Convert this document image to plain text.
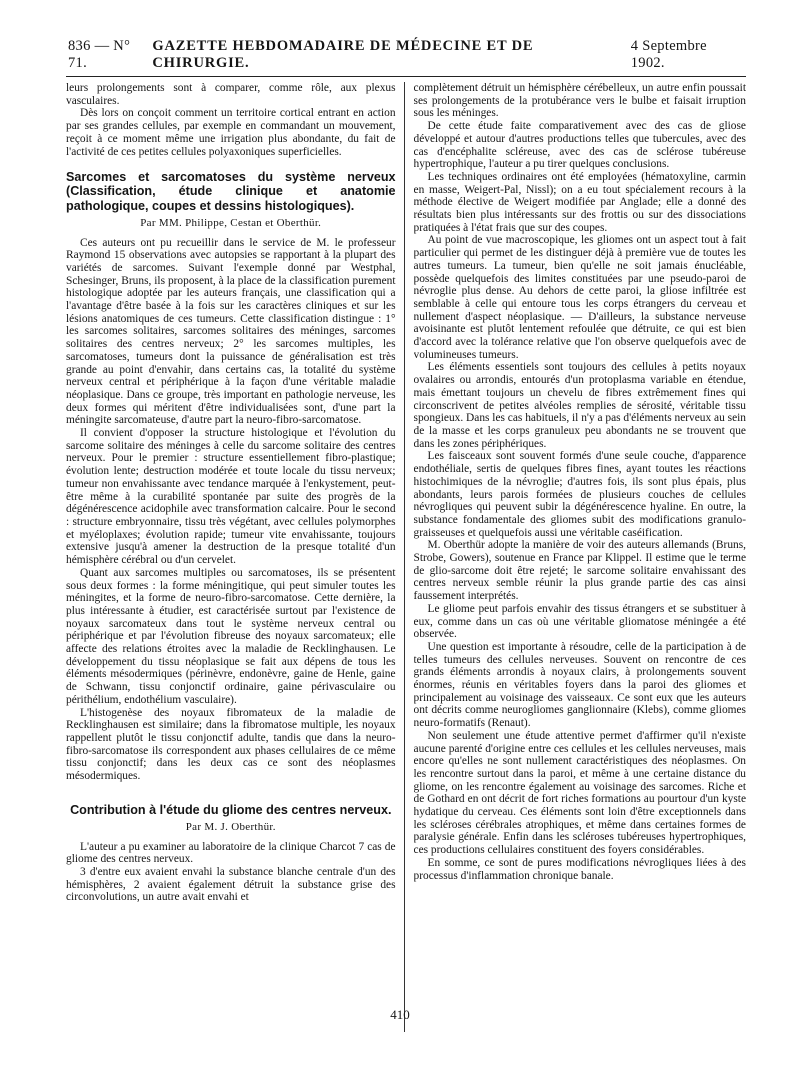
836 — N° 71.
GAZETTE HEBDOMADAIRE DE MÉDECINE ET DE CHIRURGIE.
4 Septembre 1902.

leurs prolongements sont à comparer, comme rôle, aux plexus vasculaires.

Dès lors on conçoit comment un territoire cortical entrant en action par ses grandes cellules, par exemple en commandant un mouvement, reçoit à ce moment même une irrigation plus abondante, du fait de l'activité de ces petites cellules polyaxoniques superficielles.

Sarcomes et sarcomatoses du système nerveux (Classification, étude clinique et anatomie pathologique, coupes et dessins histologiques).
Par MM. Philippe, Cestan et Oberthür.

Ces auteurs ont pu recueillir dans le service de M. le professeur Raymond 15 observations avec autopsies se rapportant à la plupart des variétés de sarcomes. Suivant l'exemple donné par Westphal, Schesinger, Bruns, ils proposent, à la place de la classification purement histologique adoptée par les auteurs français, une classification qui a l'avantage d'être basée à la fois sur les caractères cliniques et sur les lésions anatomiques de ces tumeurs. Cette classification distingue : 1° les sarcomes solitaires, sarcomes solitaires des méninges, sarcomes solitaires des centres nerveux; 2° les sarcomes multiples, les sarcomatoses, tumeurs dont la puissance de généralisation est très grande au point d'envahir, dans certains cas, la totalité du système nerveux central et périphérique à la façon d'une véritable maladie néoplasique. Dans ce groupe, très important en pathologie nerveuse, les deux formes qui méritent d'être individualisées sont, d'une part la méningite sarcomateuse, d'autre part la neuro-fibro-sarcomatose.

Il convient d'opposer la structure histologique et l'évolution du sarcome solitaire des méninges à celle du sarcome solitaire des centres nerveux. Pour le premier : structure essentiellement fibro-plastique; évolution lente; destruction modérée et toute locale du tissu nerveux; tumeur non envahissante avec tendance marquée à l'enkystement, peut-être même à la curabilité spontanée par suite des progrès de la dégénérescence acidophile avec transformation calcaire. Pour le second : structure embryonnaire, tissu très végétant, avec cellules polymorphes et myéloplaxes; évolution rapide; tumeur vite envahissante, toujours extensive jusqu'à amener la destruction de la presque totalité d'un hémisphère cérébral ou d'un cervelet.

Quant aux sarcomes multiples ou sarcomatoses, ils se présentent sous deux formes : la forme méningitique, qui peut simuler toutes les méningites, et la forme de neuro-fibro-sarcomatose. Cette dernière, la plus intéressante à étudier, est caractérisée surtout par l'existence de noyaux sarcomateux dans tout le système nerveux central ou périphérique et par l'évolution fibreuse des noyaux sarcomateux; elle affecte des relations étroites avec la maladie de Recklinghausen. Le développement du tissu néoplasique se fait aux dépens de tous les éléments mésodermiques (périnèvre, endonèvre, gaine de Henle, gaine de Schwann, tissu conjonctif ordinaire, gaine périvasculaire ou périthélium, endothélium vasculaire).

L'histogenèse des noyaux fibromateux de la maladie de Recklinghausen est similaire; dans la fibromatose multiple, les noyaux rappellent plutôt le tissu conjonctif adulte, tandis que dans la neuro-fibro-sarcomatose ils correspondent aux phases cellulaires de ce même tissu conjonctif; dans les deux cas ce sont des néoplasmes mésodermiques.

Contribution à l'étude du gliome des centres nerveux.
Par M. J. Oberthür.

L'auteur a pu examiner au laboratoire de la clinique Charcot 7 cas de gliome des centres nerveux.

3 d'entre eux avaient envahi la substance blanche centrale d'un des hémisphères, 2 avaient également détruit la substance grise des circonvolutions, un autre avait envahi et

complètement détruit un hémisphère cérébelleux, un autre enfin poussait ses prolongements de la protubérance vers le bulbe et faisait irruption sous les méninges.

De cette étude faite comparativement avec des cas de gliose développé et autour d'autres productions telles que tubercules, avec des cas d'encéphalite scléreuse, avec des cas de sclérose tubéreuse hypertrophique, l'auteur a pu tirer quelques conclusions.

Les techniques ordinaires ont été employées (hématoxyline, carmin en masse, Weigert-Pal, Nissl); on a eu tout spécialement recours à la méthode élective de Weigert modifiée par Anglade; elle a donné des résultats bien plus intéressants sur des frottis ou sur des dissociations pratiquées à l'état frais que sur des coupes.

Au point de vue macroscopique, les gliomes ont un aspect tout à fait particulier qui permet de les distinguer déjà à première vue de toutes les autres tumeurs. La tumeur, bien qu'elle ne soit jamais énucléable, possède quelquefois des limites constituées par une pseudo-paroi de névroglie plus dense. Au dehors de cette paroi, la gliose infiltrée est semblable à celle qui entoure tous les corps étrangers du cerveau et nullement d'aspect néoplasique. — D'ailleurs, la substance nerveuse avoisinante est plutôt lentement refoulée que détruite, ce qui est bien d'accord avec la tolérance relative que l'on observe quelquefois avec de volumineuses tumeurs.

Les éléments essentiels sont toujours des cellules à petits noyaux ovalaires ou arrondis, entourés d'un protoplasma variable en étendue, mais émettant toujours un chevelu de fibres extrêmement fines qui circonscrivent de petites alvéoles remplies de sérosité, véritable tissu spongieux. Dans les cas habituels, il n'y a pas d'éléments nerveux au sein de la masse et les corps granuleux peu abondants ne se trouvent que dans les zones périphériques.

Les faisceaux sont souvent formés d'une seule couche, d'apparence endothéliale, sertis de quelques fibres fines, ayant toutes les réactions histochimiques de la névroglie; d'autres fois, ils sont plus épais, plus abondants, leurs parois formées de plusieurs couches de cellules névrogliques qui peuvent subir la dégénérescence hyaline. En outre, la substance fondamentale des gliomes subit des modifications granulo-graisseuses et quelquefois aussi une véritable caséification.

M. Oberthür adopte la manière de voir des auteurs allemands (Bruns, Strobe, Gowers), soutenue en France par Klippel. Il estime que le terme de glio-sarcome doit être rejeté; le sarcome solitaire envahissant des centres nerveux semble réunir la plus grande partie des cas ainsi faussement interprétés.

Le gliome peut parfois envahir des tissus étrangers et se substituer à eux, comme dans un cas où une véritable gliomatose méningée a été observée.

Une question est importante à résoudre, celle de la participation à de telles tumeurs des cellules nerveuses. Souvent on rencontre de ces grands éléments arrondis à noyaux clairs, à prolongements souvent énormes, réunis en véritables foyers dans la paroi des gliomes et principalement au voisinage des vaisseaux. Ce sont eux que les auteurs ont décrits comme neurogliomes ganglionnaire (Klebs), comme gliomes neuro-formatifs (Renaut).

Non seulement une étude attentive permet d'affirmer qu'il n'existe aucune parenté d'origine entre ces cellules et les cellules nerveuses, mais encore qu'elles ne sont nullement caractéristiques des néoplasmes. On les rencontre surtout dans la paroi, et même à une certaine distance du gliome, on les rencontre également au voisinage des sarcomes. Riche et de Gothard en ont décrit de fort riches formations au pourtour d'un kyste hydatique du cerveau. Ces éléments sont loin d'être exceptionnels dans les scléroses cérébrales atrophiques, et même dans certaines formes de paralysie générale. Enfin dans les scléroses tubéreuses hypertrophiques, ces productions cellulaires constituent des foyers considérables.

En somme, ce sont de pures modifications névrogliques liées à des processus d'inflammation chronique banale.

410
